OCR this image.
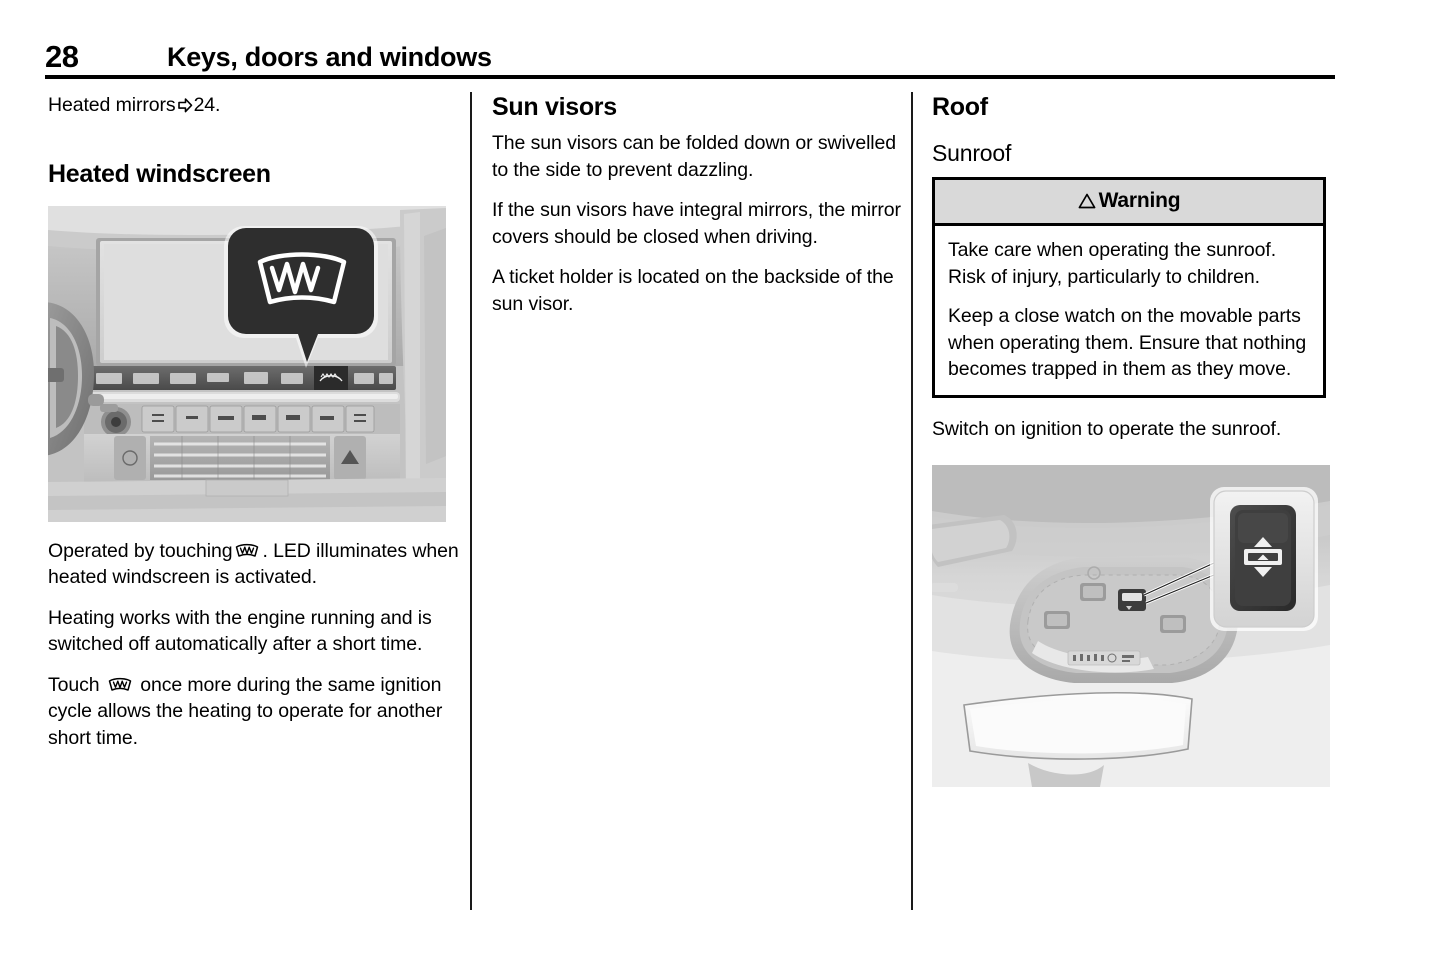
28	Keys, doors and windows

Heated mirrors 24.

Heated windscreen

Operated by touching . LED illuminates when heated windscreen is activated.

Heating works with the engine running and is switched off automatically after a short time.

Touch once more during the same ignition cycle allows the heating to operate for another short time.

Sun visors

The sun visors can be folded down or swivelled to the side to prevent dazzling.

If the sun visors have integral mirrors, the mirror covers should be closed when driving.

A ticket holder is located on the backside of the sun visor.

Roof
Sunroof
Warning

Take care when operating the sunroof. Risk of injury, particularly to children.

Keep a close watch on the movable parts when operating them. Ensure that nothing becomes trapped in them as they move.

Switch on ignition to operate the sunroof.
